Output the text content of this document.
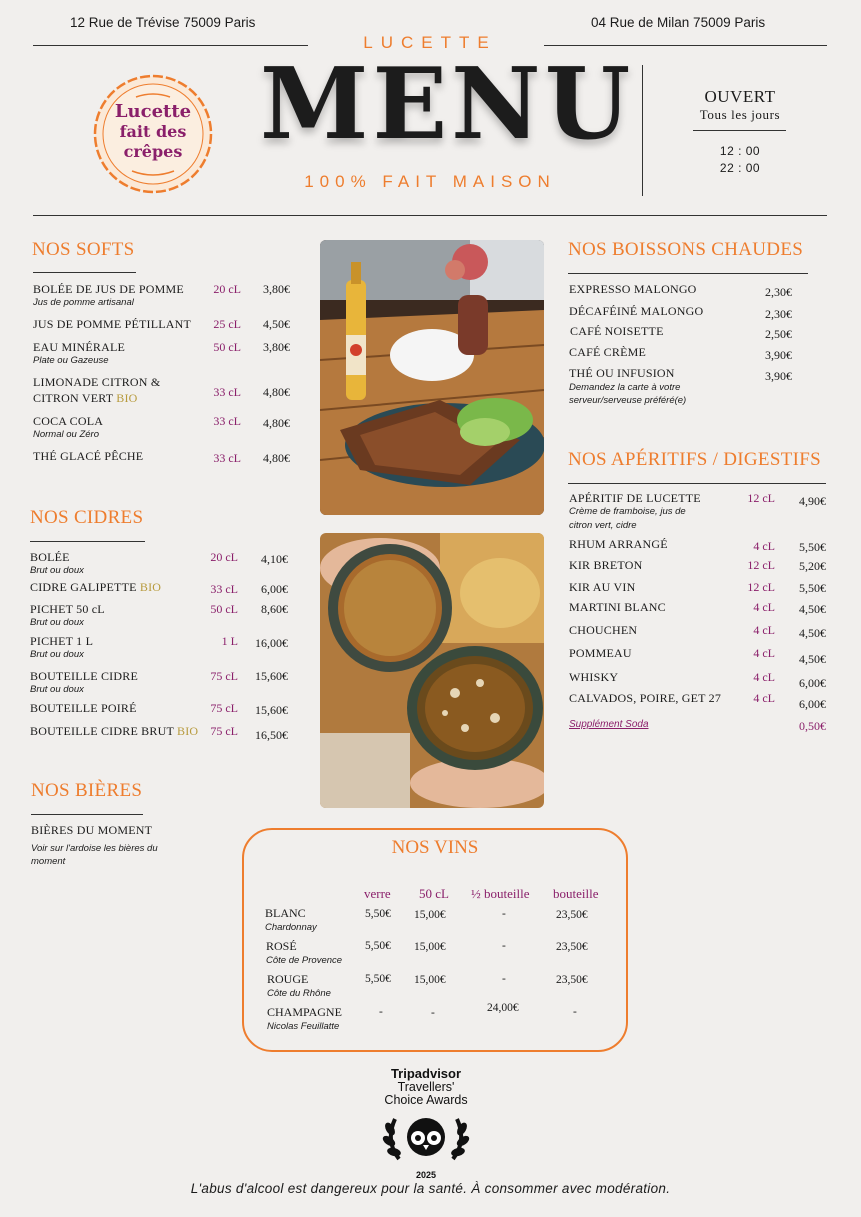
12 Rue de Trévise 75009 Paris	04 Rue de Milan 75009 Paris
LUCETTE
Lucette
fait des
crêpes MENU
100% FAIT MAISON
OUVERT
Tous les jours
12 : 00
22 : 00
NOS SOFTS
BOLÉE DE JUS DE POMME
Jus de pomme artisanal
20 cL	3,80€
JUS DE POMME PÉTILLANT	25 cL	4,50€
EAU MINÉRALE
Plate ou Gazeuse
50 cL	3,80€
LIMONADE CITRON &
CITRON VERT BIO	33 cL	4,80€
COCA COLA
Normal ou Zéro
33 cL	4,80€
THÉ GLACÉ PÊCHE	33 cL	4,80€
NOS CIDRES
BOLÉE
Brut ou doux
20 cL	4,10€
CIDRE GALIPETTE BIO	33 cL	6,00€
PICHET 50 cL
Brut ou doux
50 cL	8,60€
PICHET 1 L
Brut ou doux
1 L	16,00€
BOUTEILLE CIDRE
Brut ou doux
75 cL	15,60€
BOUTEILLE POIRÉ	75 cL	15,60€
BOUTEILLE CIDRE BRUT BIO	75 cL	16,50€
NOS BIÈRES
BIÈRES DU MOMENT
Voir sur l'ardoise les bières du
moment
NOS BOISSONS CHAUDES
EXPRESSO MALONGO	2,30€
DÉCAFÉINÉ MALONGO	2,30€
CAFÉ NOISETTE	2,50€
CAFÉ CRÈME	3,90€
THÉ OU INFUSION	3,90€
Demandez la carte à votre
serveur/serveuse préféré(e)
NOS APÉRITIFS / DIGESTIFS
APÉRITIF DE LUCETTE
Crème de framboise, jus de
citron vert, cidre
12 cL	4,90€
RHUM ARRANGÉ	4 cL	5,50€
KIR BRETON	12 cL	5,20€
KIR AU VIN	12 cL	5,50€
MARTINI BLANC	4 cL	4,50€
CHOUCHEN	4 cL	4,50€
POMMEAU	4 cL	4,50€
WHISKY	4 cL	6,00€
CALVADOS, POIRE, GET 27	4 cL	6,00€
Supplément Soda	0,50€
NOS VINS
verre 50 cL ½ bouteille bouteille
BLANC
Chardonnay
5,50€ 15,00€	-	23,50€
ROSÉ
Côte de Provence
5,50€ 15,00€	-	23,50€
ROUGE
Côte du Rhône
5,50€ 15,00€	-	23,50€
CHAMPAGNE
Nicolas Feuillatte
-	-	24,00€	-
Tripadvisor
Travellers'
Choice Awards
2025
L'abus d'alcool est dangereux pour la santé. À consommer avec modération.
